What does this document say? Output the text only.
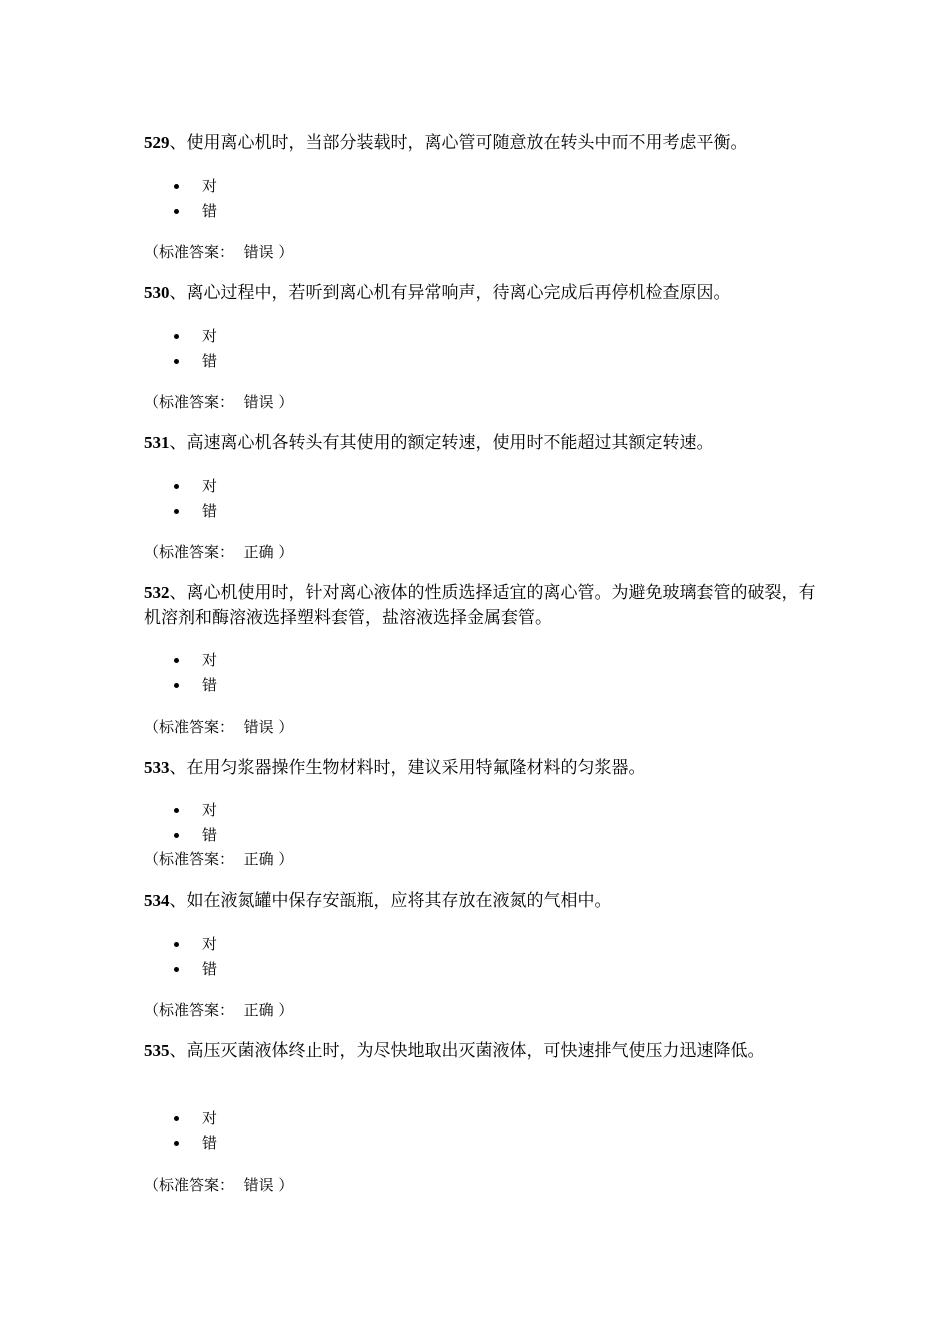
529、使用离心机时，当部分装载时，离心管可随意放在转头中而不用考虑平衡。

对
错
（标准答案： 错误 ）

530、离心过程中，若听到离心机有异常响声，待离心完成后再停机检查原因。

对
错
（标准答案： 错误 ）

531、高速离心机各转头有其使用的额定转速，使用时不能超过其额定转速。

对
错
（标准答案： 正确 ）

532、离心机使用时，针对离心液体的性质选择适宜的离心管。为避免玻璃套管的破裂，有机溶剂和酶溶液选择塑料套管，盐溶液选择金属套管。

对
错
（标准答案： 错误 ）

533、在用匀浆器操作生物材料时，建议采用特氟隆材料的匀浆器。

对
错
（标准答案： 正确 ）

534、如在液氮罐中保存安瓿瓶，应将其存放在液氮的气相中。

对
错
（标准答案： 正确 ）

535、高压灭菌液体终止时，为尽快地取出灭菌液体，可快速排气使压力迅速降低。

对
错
（标准答案： 错误 ）
